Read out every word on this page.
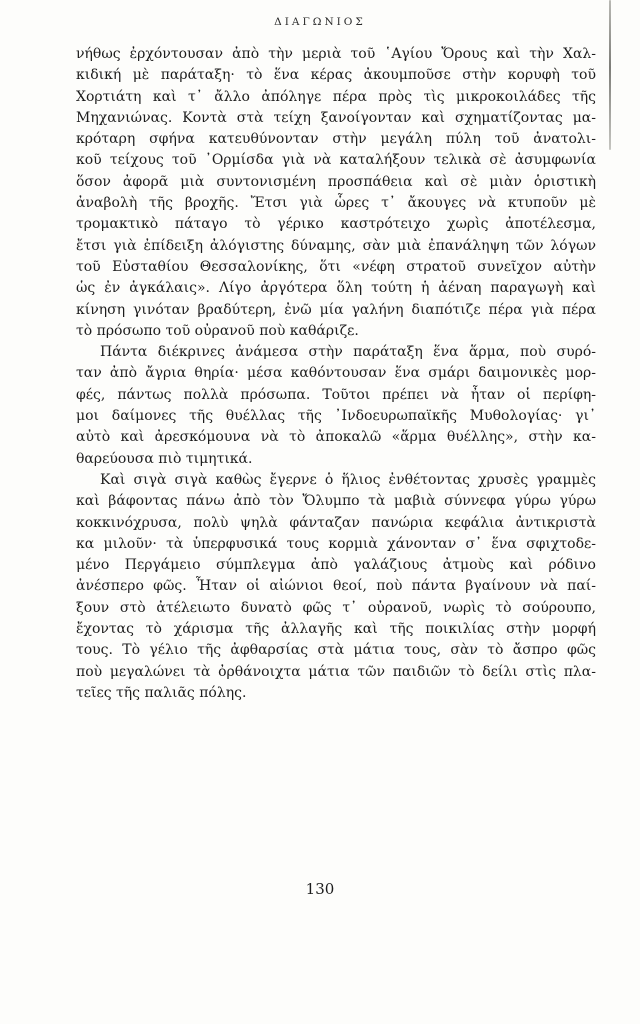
ΔΙΑΓΩΝΙΟΣ

νήθως ἐρχόντουσαν ἀπὸ τὴν μεριὰ τοῦ ῾Αγίου Ὄρους καὶ τὴν Χαλ-
κιδική μὲ παράταξη· τὸ ἕνα κέρας ἀκουμποῦσε στὴν κορυφὴ τοῦ
Χορτιάτη καὶ τ᾿ ἄλλο ἀπόληγε πέρα πρὸς τὶς μικροκοιλάδες τῆς
Μηχανιώνας. Κοντὰ στὰ τείχη ξανοίγονταν καὶ σχηματίζοντας μα-
κρόταρη σφήνα κατευθύνονταν στὴν μεγάλη πύλη τοῦ ἀνατολι-
κοῦ τείχους τοῦ ᾿Ορμίσδα γιὰ νὰ καταλήξουν τελικὰ σὲ ἀσυμφωνία
ὅσον ἀφορᾶ μιὰ συντονισμένη προσπάθεια καὶ σὲ μιὰν ὁριστικὴ
ἀναβολὴ τῆς βροχῆς. Ἔτσι γιὰ ὧρες τ᾿ ἄκουγες νὰ κτυποῦν μὲ
τρομακτικὸ πάταγο τὸ γέρικο καστρότειχο χωρὶς ἀποτέλεσμα,
ἔτσι γιὰ ἐπίδειξη ἀλόγιστης δύναμης, σὰν μιὰ ἐπανάληψη τῶν λόγων
τοῦ Εὐσταθίου Θεσσαλονίκης, ὅτι «νέφη στρατοῦ συνεῖχον αὐτὴν
ὡς ἐν ἀγκάλαις». Λίγο ἀργότερα ὅλη τούτη ἡ ἀέναη παραγωγὴ καὶ
κίνηση γινόταν βραδύτερη, ἐνῶ μία γαλήνη διαπότιζε πέρα γιὰ πέρα
τὸ πρόσωπο τοῦ οὐρανοῦ ποὺ καθάριζε.

Πάντα διέκρινες ἀνάμεσα στὴν παράταξη ἕνα ἅρμα, ποὺ συρό-
ταν ἀπὸ ἄγρια θηρία· μέσα καθόντουσαν ἕνα σμάρι δαιμονικὲς μορ-
φές, πάντως πολλὰ πρόσωπα. Τοῦτοι πρέπει νὰ ἦταν οἱ περίφη-
μοι δαίμονες τῆς θυέλλας τῆς ᾿Ινδοευρωπαϊκῆς Μυθολογίας· γι᾿
αὐτὸ καὶ ἀρεσκόμουνα νὰ τὸ ἀποκαλῶ «ἅρμα θυέλλης», στὴν κα-
θαρεύουσα πιὸ τιμητικά.

Καὶ σιγὰ σιγὰ καθὼς ἔγερνε ὁ ἥλιος ἐνθέτοντας χρυσὲς γραμμὲς
καὶ βάφοντας πάνω ἀπὸ τὸν Ὄλυμπο τὰ μαβιὰ σύννεφα γύρω γύρω
κοκκινόχρυσα, πολὺ ψηλὰ φάνταζαν πανώρια κεφάλια ἀντικριστὰ
κα μιλοῦν· τὰ ὑπερφυσικά τους κορμιὰ χάνονταν σ᾿ ἕνα σφιχτοδε-
μένο Περγάμειο σύμπλεγμα ἀπὸ γαλάζιους ἀτμοὺς καὶ ρόδινο
ἀνέσπερο φῶς. Ἦταν οἱ αἰώνιοι θεοί, ποὺ πάντα βγαίνουν νὰ παί-
ξουν στὸ ἀτέλειωτο δυνατὸ φῶς τ᾿ οὐρανοῦ, νωρὶς τὸ σούρουπο,
ἔχοντας τὸ χάρισμα τῆς ἀλλαγῆς καὶ τῆς ποικιλίας στὴν μορφή
τους. Τὸ γέλιο τῆς ἀφθαρσίας στὰ μάτια τους, σὰν τὸ ἄσπρο φῶς
ποὺ μεγαλώνει τὰ ὀρθάνοιχτα μάτια τῶν παιδιῶν τὸ δείλι στὶς πλα-
τεῖες τῆς παλιᾶς πόλης.

130
